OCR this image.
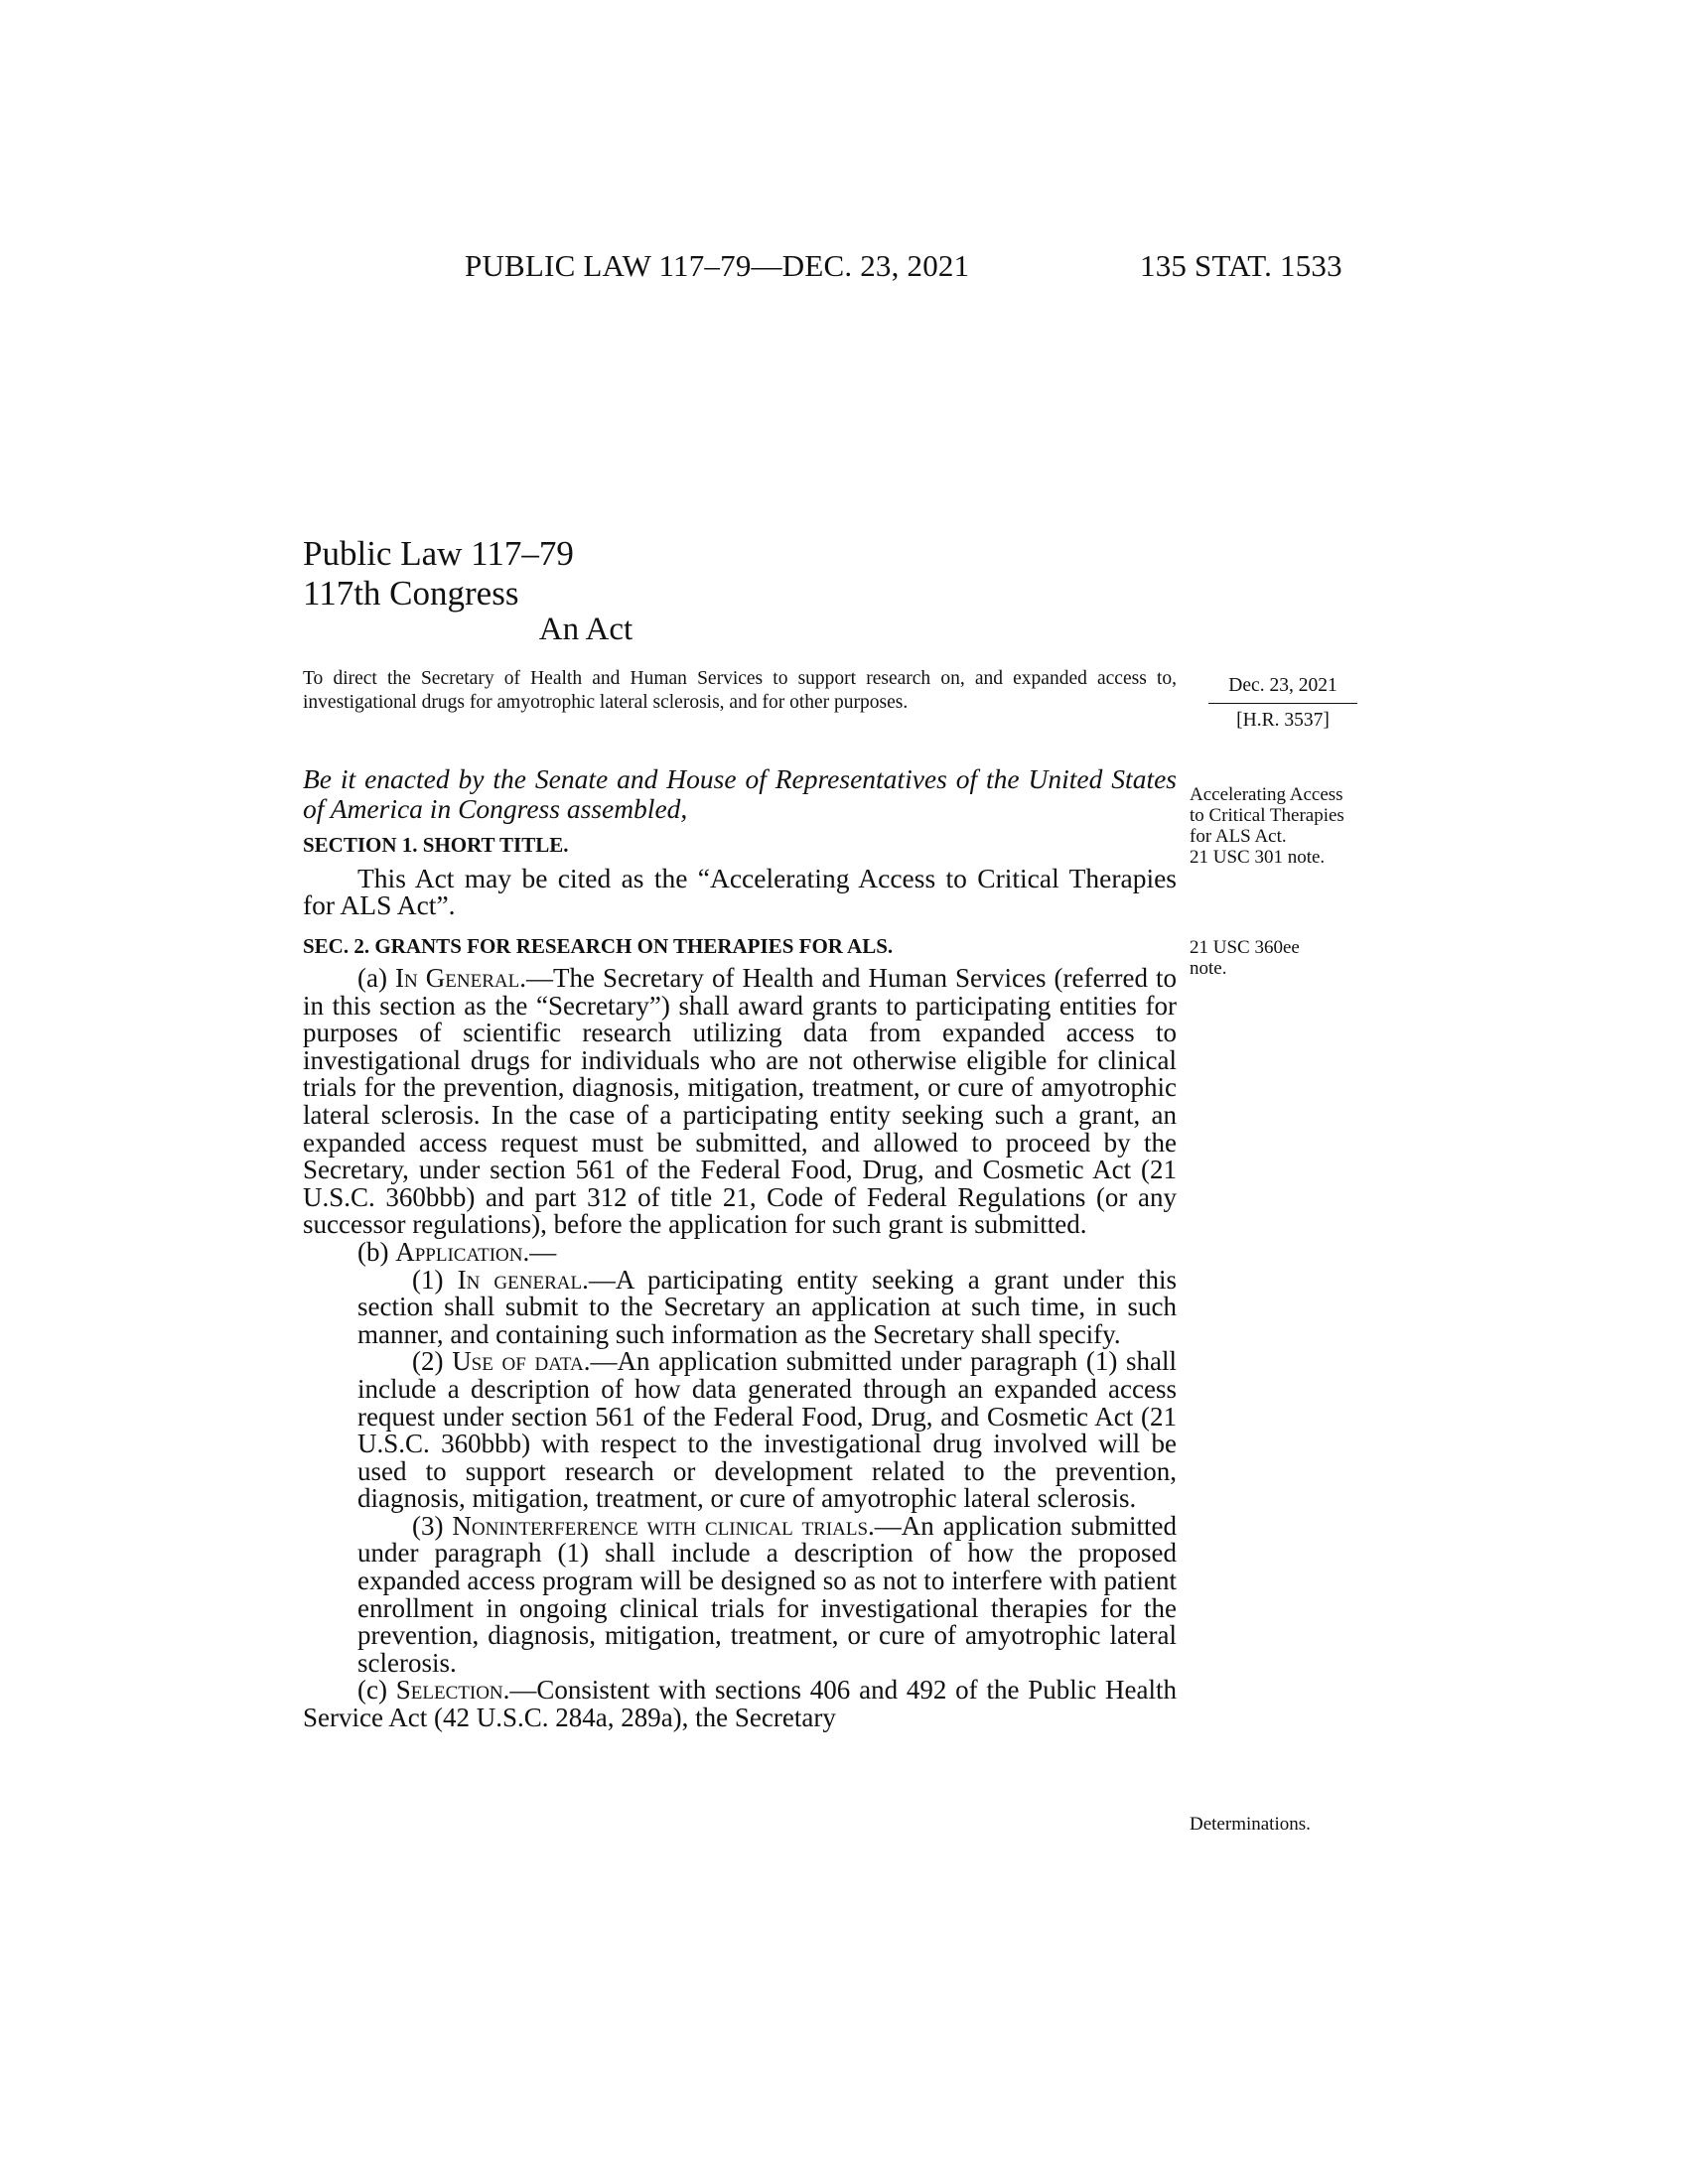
PUBLIC LAW 117–79—DEC. 23, 2021	135 STAT. 1533
Public Law 117–79
117th Congress
An Act
To direct the Secretary of Health and Human Services to support research on, and expanded access to, investigational drugs for amyotrophic lateral sclerosis, and for other purposes.
Dec. 23, 2021
[H.R. 3537]
Be it enacted by the Senate and House of Representatives of the United States of America in Congress assembled,
SECTION 1. SHORT TITLE.

This Act may be cited as the “Accelerating Access to Critical Therapies for ALS Act”.

Accelerating Access to Critical Therapies for ALS Act.
21 USC 301 note.
21 USC 360ee note.
Determinations.
SEC. 2. GRANTS FOR RESEARCH ON THERAPIES FOR ALS.

(a) In General.—The Secretary of Health and Human Services (referred to in this section as the “Secretary”) shall award grants to participating entities for purposes of scientific research utilizing data from expanded access to investigational drugs for individuals who are not otherwise eligible for clinical trials for the prevention, diagnosis, mitigation, treatment, or cure of amyotrophic lateral sclerosis. In the case of a participating entity seeking such a grant, an expanded access request must be submitted, and allowed to proceed by the Secretary, under section 561 of the Federal Food, Drug, and Cosmetic Act (21 U.S.C. 360bbb) and part 312 of title 21, Code of Federal Regulations (or any successor regulations), before the application for such grant is submitted.

(b) Application.—

(1) In general.—A participating entity seeking a grant under this section shall submit to the Secretary an application at such time, in such manner, and containing such information as the Secretary shall specify.

(2) Use of data.—An application submitted under paragraph (1) shall include a description of how data generated through an expanded access request under section 561 of the Federal Food, Drug, and Cosmetic Act (21 U.S.C. 360bbb) with respect to the investigational drug involved will be used to support research or development related to the prevention, diagnosis, mitigation, treatment, or cure of amyotrophic lateral sclerosis.

(3) Noninterference with clinical trials.—An application submitted under paragraph (1) shall include a description of how the proposed expanded access program will be designed so as not to interfere with patient enrollment in ongoing clinical trials for investigational therapies for the prevention, diagnosis, mitigation, treatment, or cure of amyotrophic lateral sclerosis.

(c) Selection.—Consistent with sections 406 and 492 of the Public Health Service Act (42 U.S.C. 284a, 289a), the Secretary
